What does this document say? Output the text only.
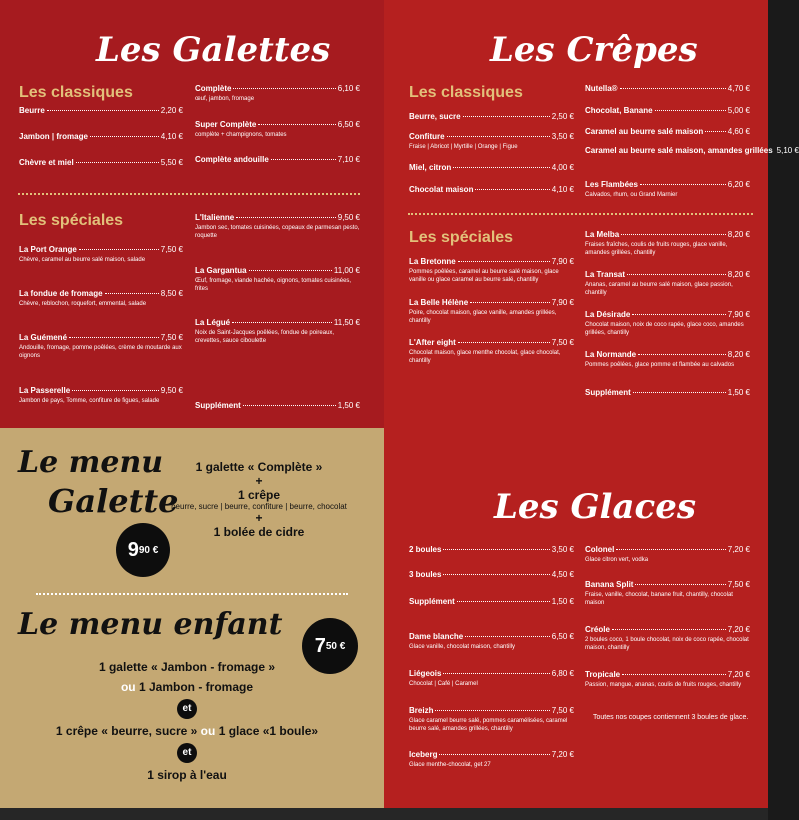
Les Galettes
Les classiques
Les spéciales
Les Crêpes
Les classiques
Les spéciales
Les Glaces
Toutes nos coupes contiennent 3 boules de glace.
Le menu
Galette
9 90 €
1 galette « Complète »
+
1 crêpe
beurre, sucre | beurre, confiture | beurre, chocolat
+
1 bolée de cidre
Le menu enfant
7 50 €
1 galette « Jambon - fromage »
ou 1 Jambon - fromage
et
1 crêpe « beurre, sucre » ou 1 glace «1 boule»
et
1 sirop à l'eau
Beurre	2,20 €
Jambon | fromage	4,10 €
Chèvre et miel	5,50 €
Complète	6,10 €
œuf, jambon, fromage
Super Complète	6,50 €
complète + champignons, tomates
Complète andouille	7,10 €
La Port Orange	7,50 €
Chèvre, caramel au beurre salé maison, salade
La fondue de fromage	8,50 €
Chèvre, reblochon, roquefort, emmental, salade
La Guémené	7,50 €
Andouille, fromage, pomme poêlées, crème de moutarde aux oignons
La Passerelle	9,50 €
Jambon de pays, Tomme, confiture de figues, salade
L'Italienne	9,50 €
Jambon sec, tomates cuisinées, copeaux de parmesan pesto, roquette
La Gargantua	11,00 €
Œuf, fromage, viande hachée, oignons, tomates cuisinées, frites
La Légué	11,50 €
Noix de Saint-Jacques poêlées, fondue de poireaux, crevettes, sauce ciboulette
Supplément	1,50 €
Beurre, sucre	2,50 €
Confiture	3,50 €
Fraise | Abricot | Myrtille | Orange | Figue
Miel, citron	4,00 €
Chocolat maison	4,10 €
Nutella®	4,70 €
Chocolat, Banane	5,00 €
Caramel au beurre salé maison	4,60 €
Caramel au beurre salé maison, amandes grillées 5,10 €
Les Flambées	6,20 €
Calvados, rhum, ou Grand Marnier
La Bretonne	7,90 €
Pommes poêlées, caramel au beurre salé maison, glace vanille ou glace caramel au beurre salé, chantilly
La Belle Hélène	7,90 €
Poire, chocolat maison, glace vanille, amandes grillées, chantilly
L'After eight	7,50 €
Chocolat maison, glace menthe chocolat, glace chocolat, chantilly
La Melba	8,20 €
Fraises fraîches, coulis de fruits rouges, glace vanille, amandes grillées, chantilly
La Transat	8,20 €
Ananas, caramel au beurre salé maison, glace passion, chantilly
La Désirade	7,90 €
Chocolat maison, noix de coco rapée, glace coco, amandes grillées, chantilly
La Normande	8,20 €
Pommes poêlées, glace pomme et flambée au calvados
Supplément	1,50 €
2 boules	3,50 €
3 boules	4,50 €
Supplément	1,50 €
Dame blanche	6,50 €
Glace vanille, chocolat maison, chantilly
Liégeois	6,80 €
Chocolat | Café | Caramel
Breizh	7,50 €
Glace caramel beurre salé, pommes caramélisées, caramel beurre salé, amandes grillées, chantilly
Iceberg	7,20 €
Glace menthe-chocolat, get 27
Colonel	7,20 €
Glace citron vert, vodka
Banana Split	7,50 €
Fraise, vanille, chocolat, banane fruit, chantilly, chocolat maison
Créole	7,20 €
2 boules coco, 1 boule chocolat, noix de coco rapée, chocolat maison, chantilly
Tropicale	7,20 €
Passion, mangue, ananas, coulis de fruits rouges, chantilly
